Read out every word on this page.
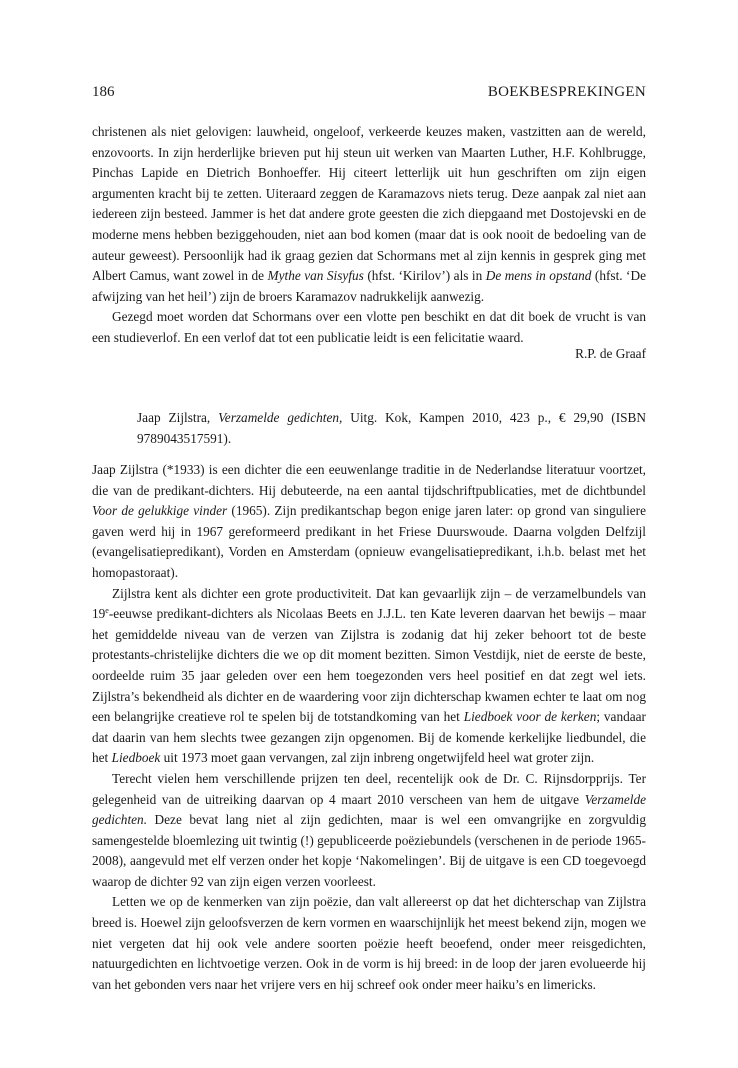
186	BOEKBESPREKINGEN

christenen als niet gelovigen: lauwheid, ongeloof, verkeerde keuzes maken, vastzitten aan de wereld, enzovoorts. In zijn herderlijke brieven put hij steun uit werken van Maarten Luther, H.F. Kohlbrugge, Pinchas Lapide en Dietrich Bonhoeffer. Hij citeert letterlijk uit hun geschriften om zijn eigen argumenten kracht bij te zetten. Uiteraard zeggen de Karamazovs niets terug. Deze aanpak zal niet aan iedereen zijn besteed. Jammer is het dat andere grote geesten die zich diepgaand met Dostojevski en de moderne mens hebben beziggehouden, niet aan bod komen (maar dat is ook nooit de bedoeling van de auteur geweest). Persoonlijk had ik graag gezien dat Schormans met al zijn kennis in gesprek ging met Albert Camus, want zowel in de Mythe van Sisyfus (hfst. ‘Kirilov’) als in De mens in opstand (hfst. ‘De afwijzing van het heil’) zijn de broers Karamazov nadrukkelijk aanwezig.

Gezegd moet worden dat Schormans over een vlotte pen beschikt en dat dit boek de vrucht is van een studieverlof. En een verlof dat tot een publicatie leidt is een felicitatie waard.

R.P. de Graaf

Jaap Zijlstra, Verzamelde gedichten, Uitg. Kok, Kampen 2010, 423 p., € 29,90 (ISBN 9789043517591).

Jaap Zijlstra (*1933) is een dichter die een eeuwenlange traditie in de Nederlandse literatuur voortzet, die van de predikant-dichters. Hij debuteerde, na een aantal tijdschriftpublicaties, met de dichtbundel Voor de gelukkige vinder (1965). Zijn predikantschap begon enige jaren later: op grond van singuliere gaven werd hij in 1967 gereformeerd predikant in het Friese Duurswoude. Daarna volgden Delfzijl (evangelisatiepredikant), Vorden en Amsterdam (opnieuw evangelisatiepredikant, i.h.b. belast met het homopastoraat).

Zijlstra kent als dichter een grote productiviteit. Dat kan gevaarlijk zijn – de verzamelbundels van 19e-eeuwse predikant-dichters als Nicolaas Beets en J.J.L. ten Kate leveren daarvan het bewijs – maar het gemiddelde niveau van de verzen van Zijlstra is zodanig dat hij zeker behoort tot de beste protestants-christelijke dichters die we op dit moment bezitten. Simon Vestdijk, niet de eerste de beste, oordeelde ruim 35 jaar geleden over een hem toegezonden vers heel positief en dat zegt wel iets. Zijlstra’s bekendheid als dichter en de waardering voor zijn dichterschap kwamen echter te laat om nog een belangrijke creatieve rol te spelen bij de totstandkoming van het Liedboek voor de kerken; vandaar dat daarin van hem slechts twee gezangen zijn opgenomen. Bij de komende kerkelijke liedbundel, die het Liedboek uit 1973 moet gaan vervangen, zal zijn inbreng ongetwijfeld heel wat groter zijn.

Terecht vielen hem verschillende prijzen ten deel, recentelijk ook de Dr. C. Rijnsdorpprijs. Ter gelegenheid van de uitreiking daarvan op 4 maart 2010 verscheen van hem de uitgave Verzamelde gedichten. Deze bevat lang niet al zijn gedichten, maar is wel een omvangrijke en zorgvuldig samengestelde bloemlezing uit twintig (!) gepubliceerde poëziebundels (verschenen in de periode 1965-2008), aangevuld met elf verzen onder het kopje ‘Nakomelingen’. Bij de uitgave is een CD toegevoegd waarop de dichter 92 van zijn eigen verzen voorleest.

Letten we op de kenmerken van zijn poëzie, dan valt allereerst op dat het dichterschap van Zijlstra breed is. Hoewel zijn geloofsverzen de kern vormen en waarschijnlijk het meest bekend zijn, mogen we niet vergeten dat hij ook vele andere soorten poëzie heeft beoefend, onder meer reisgedichten, natuurgedichten en lichtvoetige verzen. Ook in de vorm is hij breed: in de loop der jaren evolueerde hij van het gebonden vers naar het vrijere vers en hij schreef ook onder meer haiku’s en limericks.
